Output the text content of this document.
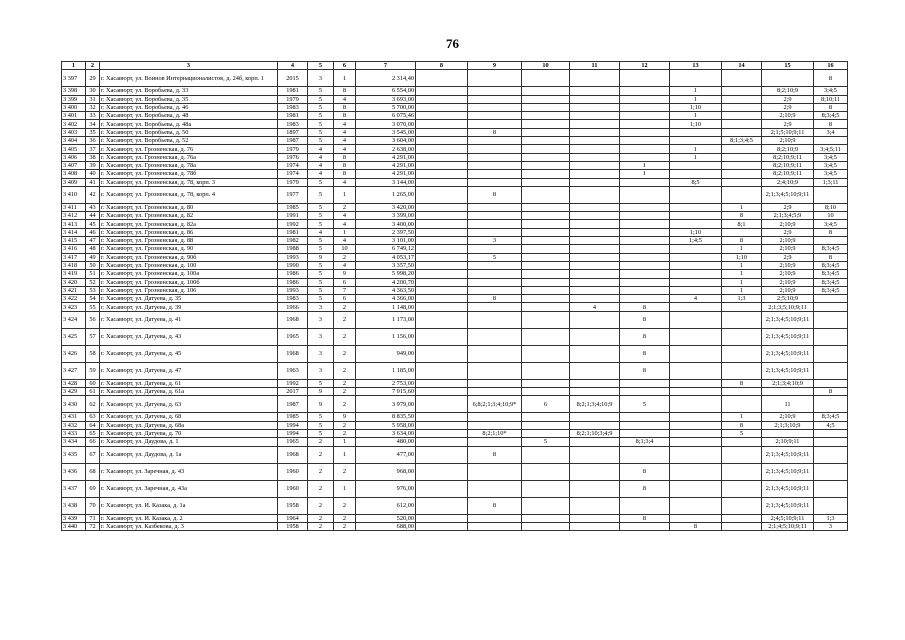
76
1	2	3	4	5	6	7	8	9	10	11	12	13	14	15	16
3 397	29	г. Хасавюрт, ул. Воинов Интернационалистов, д. 24б, корп. 1	2015	3	1	2 314,40									8
3 398	30	г. Хасавюрт, ул. Воробьева, д. 33	1981	5	8	6 554,00						1		8;2;10;9	3;4;5
3 399	31	г. Хасавюрт, ул. Воробьева, д. 35	1979	5	4	3 693,00						1		2;9	8;10;11
3 400	32	г. Хасавюрт, ул. Воробьева, д. 46	1983	5	8	5 700,00						1;10		2;9	8
3 401	33	г. Хасавюрт, ул. Воробьева, д. 48	1981	5	8	6 075,46						1		2;10;9	8;3;4;5
3 402	34	г. Хасавюрт, ул. Воробьева, д. 48а	1983	5	4	3 070,00						1;10		2;9	8
3 403	35	г. Хасавюрт, ул. Воробьева, д. 50	1897	5	4	3 545,00		8						2;1;5;10;9;11	3;4
3 404	36	г. Хасавюрт, ул. Воробьева, д. 52	1987	5	4	3 604,00							8;1;3;4;5	2;10;9	
3 405	37	г. Хасавюрт, ул. Грозненская, д. 76	1979	4	4	2 638,00						1		8;2;10;9	3;4;5;11
3 406	38	г. Хасавюрт, ул. Грозненская, д. 76а	1976	4	8	4 291,00						1		8;2;10;9;11	3;4;5
3 407	39	г. Хасавюрт, ул. Грозненская, д. 78а	1974	4	8	4 291,00					1			8;2;10;9;11	3;4;5
3 408	40	г. Хасавюрт, ул. Грозненская, д. 78б	1974	4	8	4 291,00					1			8;2;10;9;11	3;4;5
3 409	41	г. Хасавюрт, ул. Грозненская, д. 78, корп. 3	1979	5	4	3 144,00						8;5		2;4;10;9	1;3;11
3 410	42	г. Хасавюрт, ул. Грозненская, д. 78, корп. 4	1977	5	1	1 265,00		8						2;1;3;4;5;10;9;11	
3 411	43	г. Хасавюрт, ул. Грозненская, д. 80	1985	5	2	3 420,00							1	2;9	8;10
3 412	44	г. Хасавюрт, ул. Грозненская, д. 82	1991	5	4	3 399,00							8	2;1;3;4;5;9	10
3 413	45	г. Хасавюрт, ул. Грозненская, д. 82а	1992	5	4	3 400,00							8;1	2;10;9	3;4;5
3 414	46	г. Хасавюрт, ул. Грозненская, д. 86	1981	4	1	2 397,50						1;10		2;9	8
3 415	47	г. Хасавюрт, ул. Грозненская, д. 88	1982	5	4	3 101,00		3				1;4;5	8	2;10;9	
3 416	48	г. Хасавюрт, ул. Грозненская, д. 90	1988	5	10	6 749,12							1	2;10;9	8;3;4;5
3 417	49	г. Хасавюрт, ул. Грозненская, д. 90б	1993	9	2	4 053,17		5					1;10	2;9	8
3 418	50	г. Хасавюрт, ул. Грозненская, д. 100	1990	5	4	3 357,50							1	2;10;9	8;3;4;5
3 419	51	г. Хасавюрт, ул. Грозненская, д. 100а	1986	5	9	5 998,20							1	2;10;9	8;3;4;5
3 420	52	г. Хасавюрт, ул. Грозненская, д. 100б	1986	5	6	4 200,70							1	2;10;9	8;3;4;5
3 421	53	г. Хасавюрт, ул. Грозненская, д. 106	1993	5	7	4 363,50							1	2;10;9	8;3;4;5
3 422	54	г. Хасавюрт, ул. Датуева, д. 35	1983	5	6	4 366,00		8				4	1;3	2;5;10;9	
3 423	55	г. Хасавюрт, ул. Датуева, д. 39	1966	3	2	1 148,00				4	8			2;1;3;5;10;9;11	
3 424	56	г. Хасавюрт, ул. Датуева, д. 41	1968	3	2	1 173,00					8			2;1;3;4;5;10;9;11	
3 425	57	г. Хасавюрт, ул. Датуева, д. 43	1965	3	2	1 156,00					8			2;1;3;4;5;10;9;11	
3 426	58	г. Хасавюрт, ул. Датуева, д. 45	1968	3	2	949,00					8			2;1;3;4;5;10;9;11	
3 427	59	г. Хасавюрт, ул. Датуева, д. 47	1963	3	2	1 185,00					8			2;1;3;4;5;10;9;11	
3 428	60	г. Хасавюрт, ул. Датуева, д. 61	1992	5	2	2 753,00							8	2;1;3;4;10;9	
3 429	61	г. Хасавюрт, ул. Датуева, д. 61а	2017	9	2	7 915,60									8
3 430	62	г. Хасавюрт, ул. Датуева, д. 63	1987	9	2	3 979,00		6;8;2;1;3;4;10;9*	6	8;2;1;3;4;10;9	5			11	
3 431	63	г. Хасавюрт, ул. Датуева, д. 68	1985	5	9	8 835,50							1	2;10;9	8;3;4;5
3 432	64	г. Хасавюрт, ул. Датуева, д. 68а	1994	5	2	5 958,00							8	2;1;3;10;9	4;5
3 433	65	г. Хасавюрт, ул. Датуева, д. 70	1994	5	2	3 634,00		8;2;1;10*		8;2;1;10;3;4;9			5		
3 434	66	г. Хасавюрт, ул. Даудова, д. 1	1965	2	1	480,00			5		8;1;3;4			2;10;9;11	
3 435	67	г. Хасавюрт, ул. Даудова, д. 1а	1968	2	1	477,00		8						2;1;3;4;5;10;9;11	
3 436	68	г. Хасавюрт, ул. Заречная, д. 43	1960	2	2	968,00					8			2;1;3;4;5;10;9;11	
3 437	69	г. Хасавюрт, ул. Заречная, д. 43а	1960	2	1	976,00					8			2;1;3;4;5;10;9;11	
3 438	70	г. Хасавюрт, ул. И. Казака, д. 1а	1958	2	2	612,00		8						2;1;3;4;5;10;9;11	
3 439	71	г. Хасавюрт, ул. И. Казака, д. 2	1964	2	2	520,00					8			2;4;5;10;9;11	1;3
3 440	72	г. Хасавюрт, ул. Казбекова, д. 3	1958	2	2	688,00						8		2;1;4;5;10;9;11	3
